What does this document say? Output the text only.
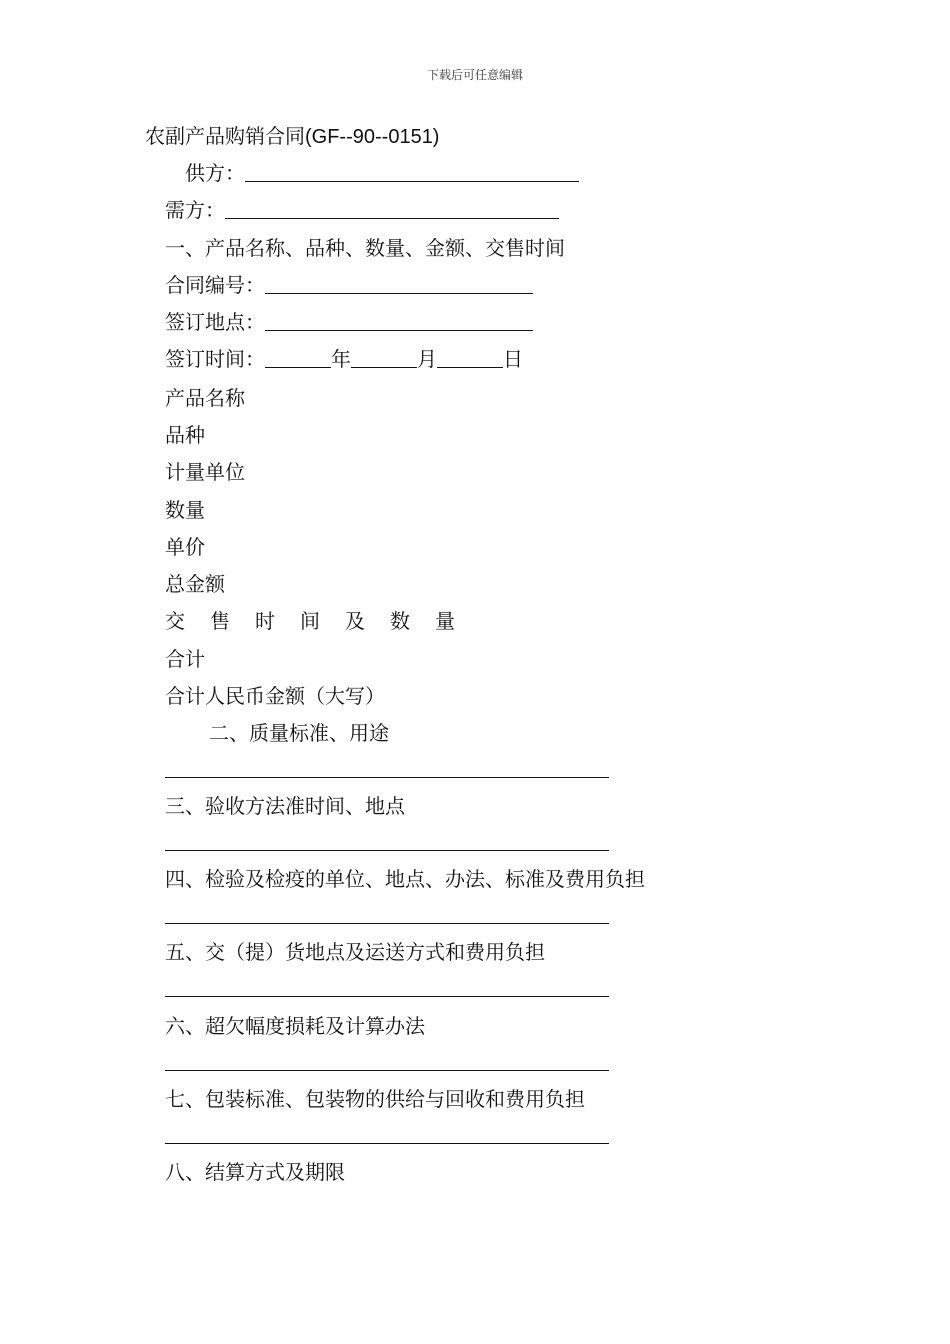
下载后可任意编辑
农副产品购销合同(GF--90--0151)
供方：
需方：
一、产品名称、品种、数量、金额、交售时间
合同编号：
签订地点：
签订时间：	年	月	日
产品名称
品种
计量单位
数量
单价
总金额
交 售 时 间 及 数 量
合计
合计人民币金额（大写）
二、质量标准、用途
三、验收方法准时间、地点
四、检验及检疫的单位、地点、办法、标准及费用负担
五、交（提）货地点及运送方式和费用负担
六、超欠幅度损耗及计算办法
七、包装标准、包装物的供给与回收和费用负担
八、结算方式及期限
